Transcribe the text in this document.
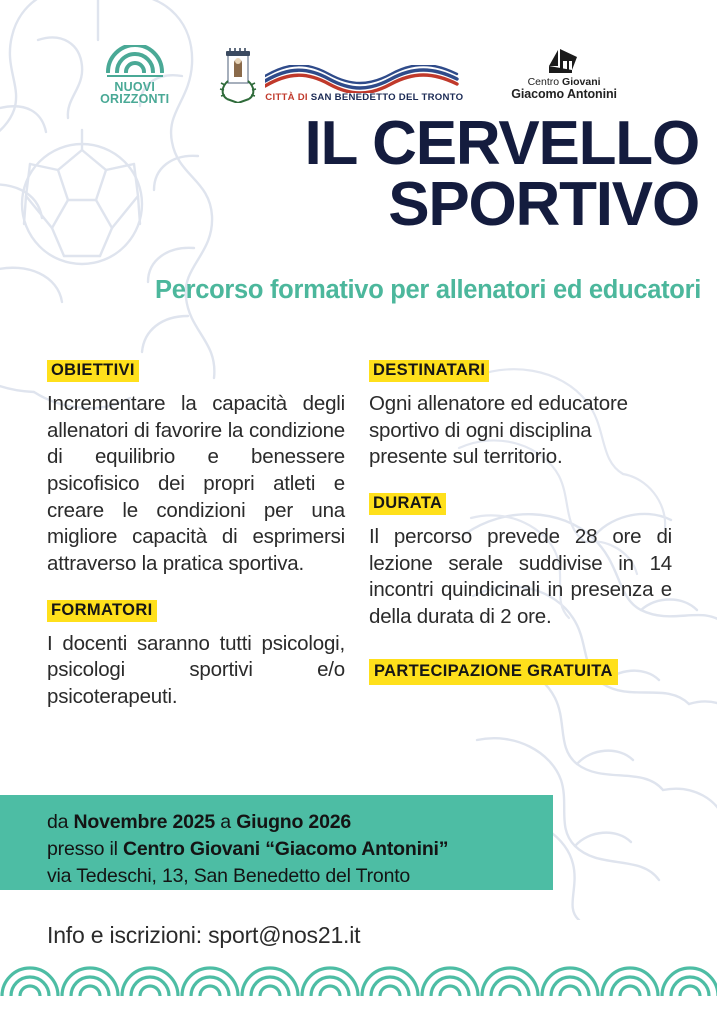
NUOVI
ORIZZONTI	CITTÀ DI SAN BENEDETTO DEL TRONTO
Centro Giovani
Giacomo Antonini
IL CERVELLO
SPORTIVO
Percorso formativo per allenatori ed educatori
OBIETTIVI

Incrementare la capacità degli allenatori di favorire la condizione di equilibrio e benessere psicofisico dei propri atleti e creare le condizioni per una migliore capacità di esprimersi attraverso la pratica sportiva.

FORMATORI

I docenti saranno tutti psicologi, psicologi sportivi e/o psicoterapeuti.

DESTINATARI

Ogni allenatore ed educatore sportivo di ogni disciplina presente sul territorio.

DURATA

Il percorso prevede 28 ore di lezione serale suddivise in 14 incontri quindicinali in presenza e della durata di 2 ore.

PARTECIPAZIONE GRATUITA
da Novembre 2025 a Giugno 2026
presso il Centro Giovani “Giacomo Antonini”
via Tedeschi, 13, San Benedetto del Tronto
Info e iscrizioni: sport@nos21.it
